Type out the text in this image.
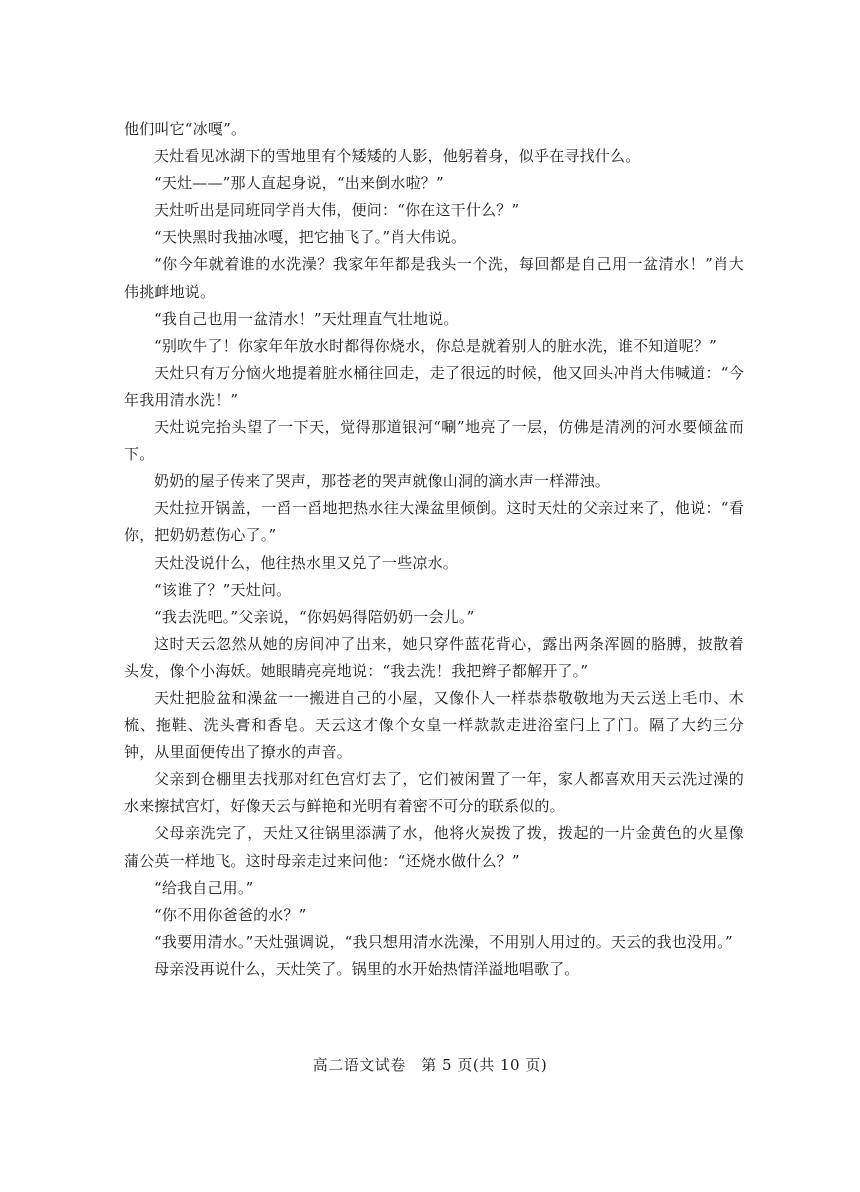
他们叫它“冰嘎”。

天灶看见冰湖下的雪地里有个矮矮的人影，他躬着身，似乎在寻找什么。

“天灶——”那人直起身说，“出来倒水啦？”

天灶听出是同班同学肖大伟，便问：“你在这干什么？”

“天快黑时我抽冰嘎，把它抽飞了。”肖大伟说。

“你今年就着谁的水洗澡？我家年年都是我头一个洗，每回都是自己用一盆清水！”肖大伟挑衅地说。

“我自己也用一盆清水！”天灶理直气壮地说。

“别吹牛了！你家年年放水时都得你烧水，你总是就着别人的脏水洗，谁不知道呢？”

天灶只有万分恼火地提着脏水桶往回走，走了很远的时候，他又回头冲肖大伟喊道：“今年我用清水洗！”

天灶说完抬头望了一下天，觉得那道银河“唰”地亮了一层，仿佛是清冽的河水要倾盆而下。

奶奶的屋子传来了哭声，那苍老的哭声就像山洞的滴水声一样滞浊。

天灶拉开锅盖，一舀一舀地把热水往大澡盆里倾倒。这时天灶的父亲过来了，他说：“看你，把奶奶惹伤心了。”

天灶没说什么，他往热水里又兑了一些凉水。

“该谁了？”天灶问。

“我去洗吧。”父亲说，“你妈妈得陪奶奶一会儿。”

这时天云忽然从她的房间冲了出来，她只穿件蓝花背心，露出两条浑圆的胳膊，披散着头发，像个小海妖。她眼睛亮亮地说：“我去洗！我把辫子都解开了。”

天灶把脸盆和澡盆一一搬进自己的小屋，又像仆人一样恭恭敬敬地为天云送上毛巾、木梳、拖鞋、洗头膏和香皂。天云这才像个女皇一样款款走进浴室闩上了门。隔了大约三分钟，从里面便传出了撩水的声音。

父亲到仓棚里去找那对红色宫灯去了，它们被闲置了一年，家人都喜欢用天云洗过澡的水来擦拭宫灯，好像天云与鲜艳和光明有着密不可分的联系似的。

父母亲洗完了，天灶又往锅里添满了水，他将火炭拨了拨，拨起的一片金黄色的火星像蒲公英一样地飞。这时母亲走过来问他：“还烧水做什么？”

“给我自己用。”

“你不用你爸爸的水？”

“我要用清水。”天灶强调说，“我只想用清水洗澡，不用别人用过的。天云的我也没用。”

母亲没再说什么，天灶笑了。锅里的水开始热情洋溢地唱歌了。

高二语文试卷　第 5 页(共 10 页)
